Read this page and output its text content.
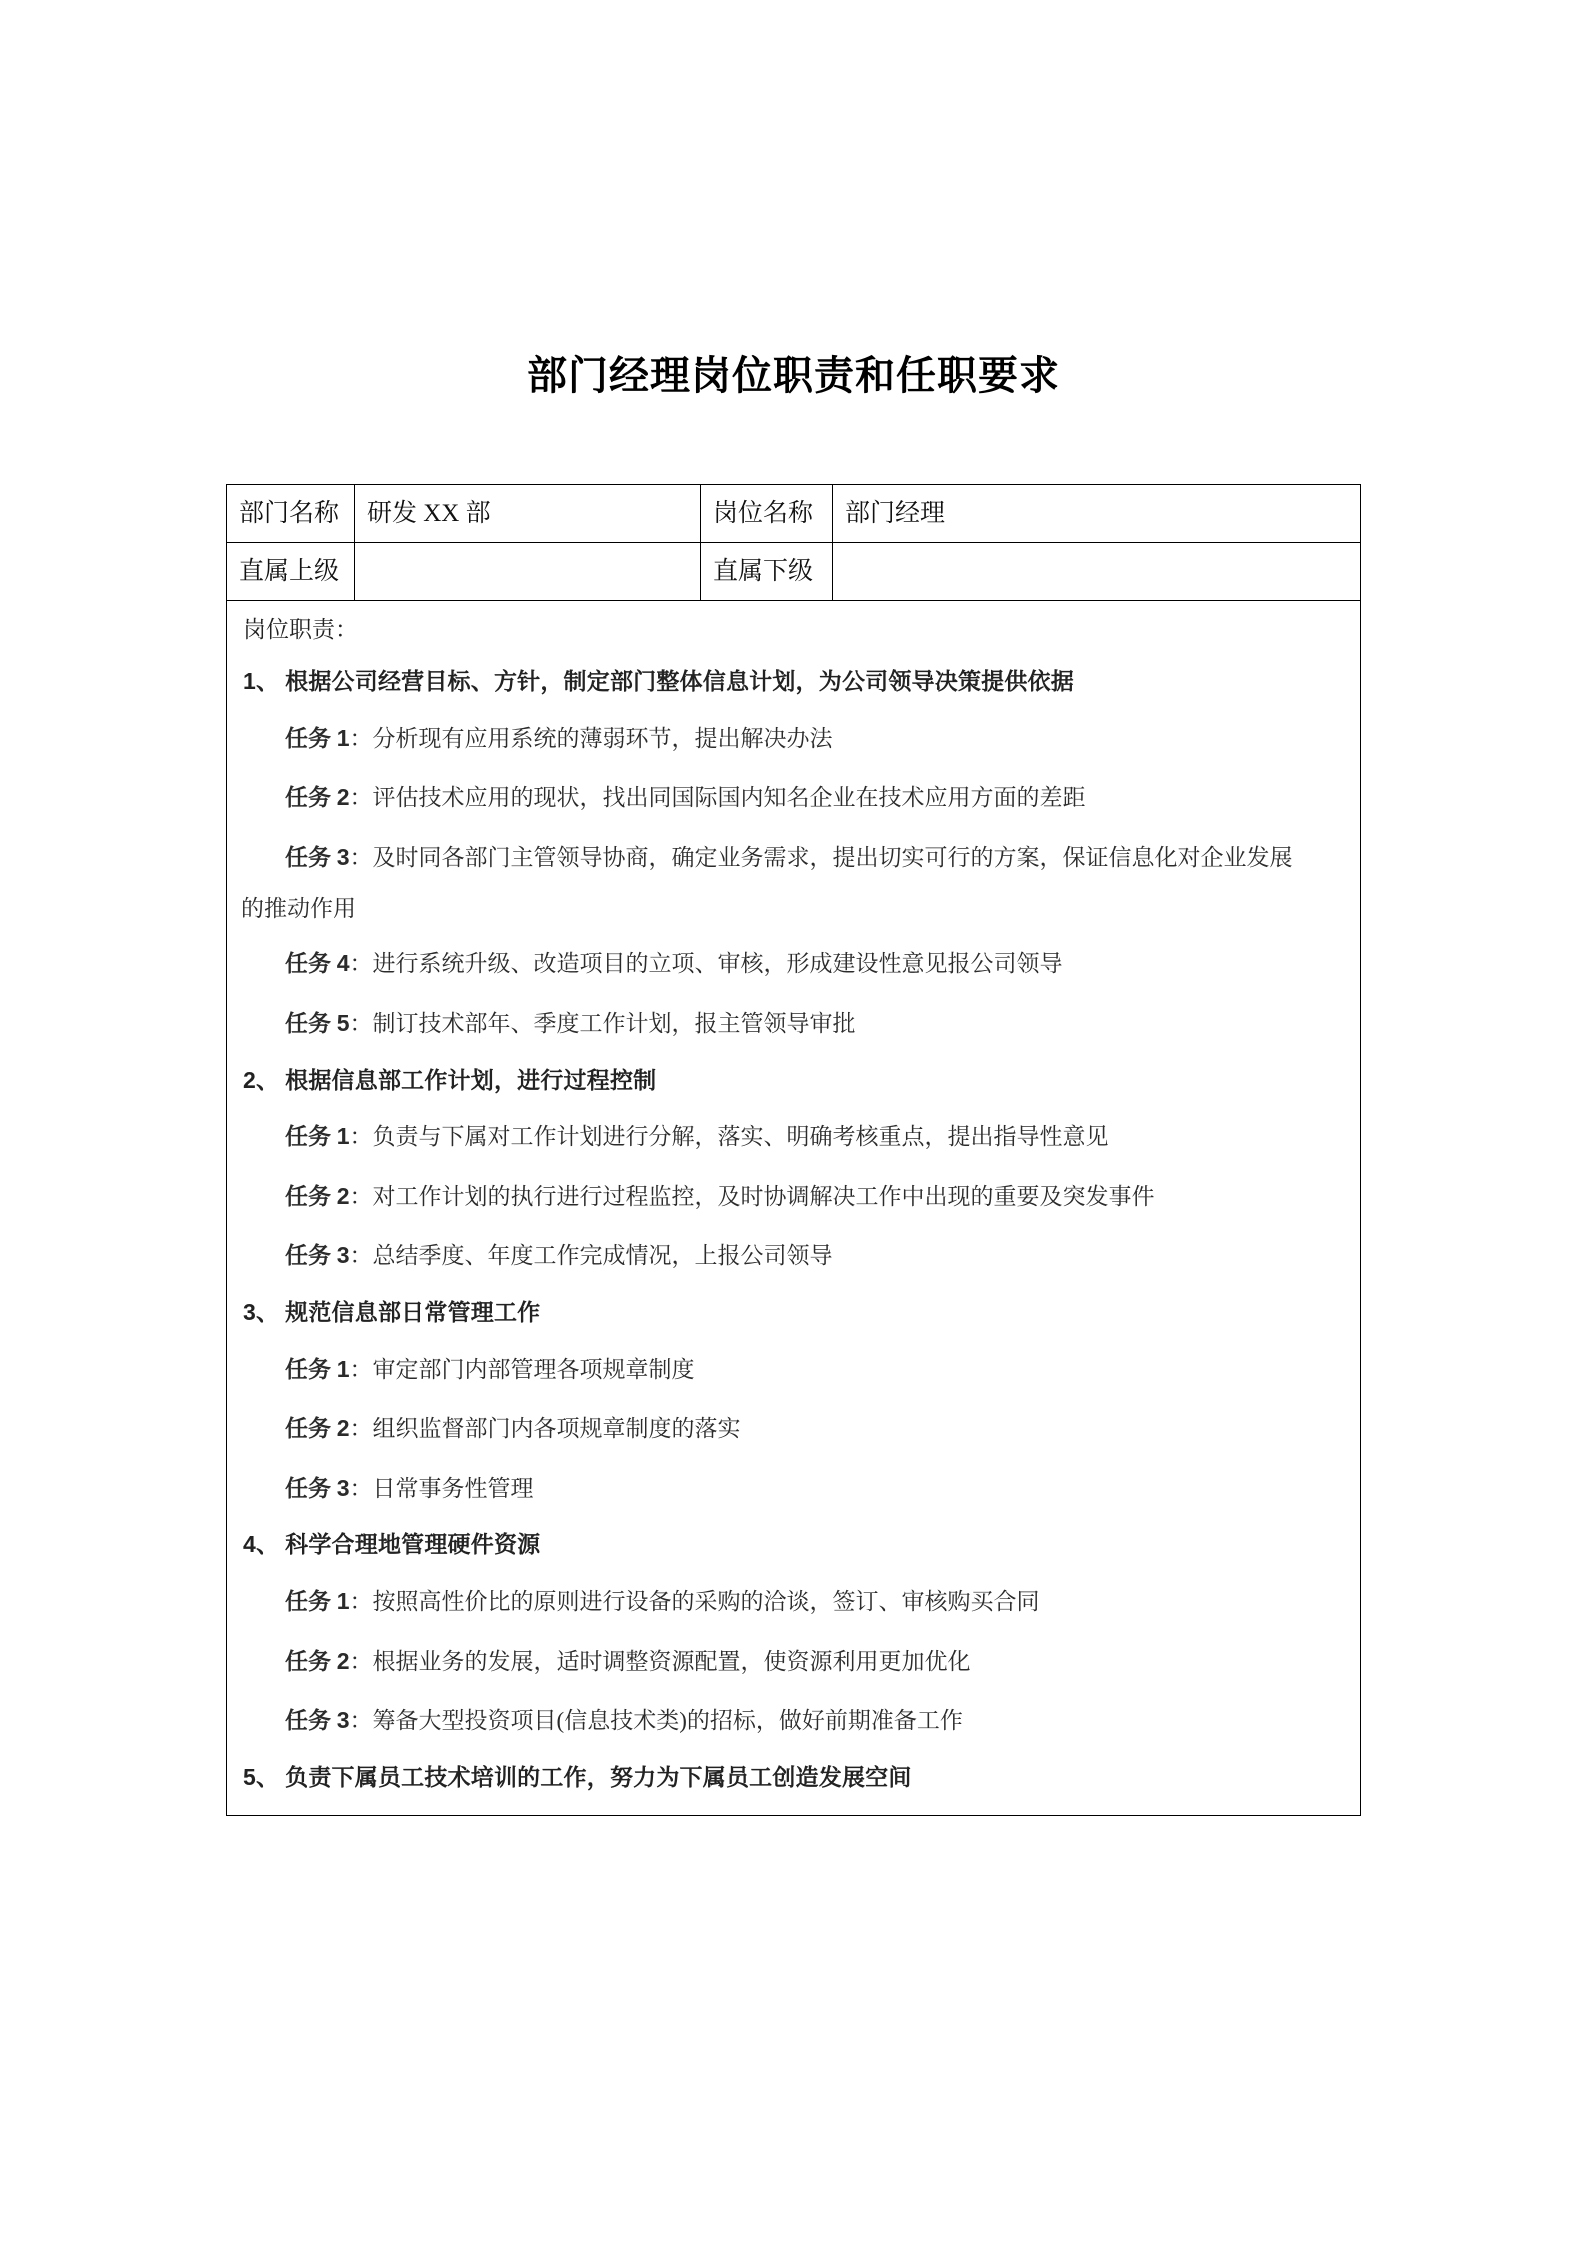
部门经理岗位职责和任职要求
部门名称	研发 XX 部	岗位名称	部门经理

直属上级		直属下级	

岗位职责：

1、 根据公司经营目标、方针，制定部门整体信息计划，为公司领导决策提供依据

任务 1：分析现有应用系统的薄弱环节，提出解决办法

任务 2：评估技术应用的现状，找出同国际国内知名企业在技术应用方面的差距

任务 3：及时同各部门主管领导协商，确定业务需求，提出切实可行的方案，保证信息化对企业发展
的推动作用

任务 4：进行系统升级、改造项目的立项、审核，形成建设性意见报公司领导

任务 5：制订技术部年、季度工作计划，报主管领导审批

2、 根据信息部工作计划，进行过程控制

任务 1：负责与下属对工作计划进行分解，落实、明确考核重点，提出指导性意见

任务 2：对工作计划的执行进行过程监控，及时协调解决工作中出现的重要及突发事件

任务 3：总结季度、年度工作完成情况，上报公司领导

3、 规范信息部日常管理工作

任务 1：审定部门内部管理各项规章制度

任务 2：组织监督部门内各项规章制度的落实

任务 3：日常事务性管理

4、 科学合理地管理硬件资源

任务 1：按照高性价比的原则进行设备的采购的洽谈，签订、审核购买合同

任务 2：根据业务的发展，适时调整资源配置，使资源利用更加优化

任务 3：筹备大型投资项目(信息技术类)的招标，做好前期准备工作

5、 负责下属员工技术培训的工作，努力为下属员工创造发展空间
